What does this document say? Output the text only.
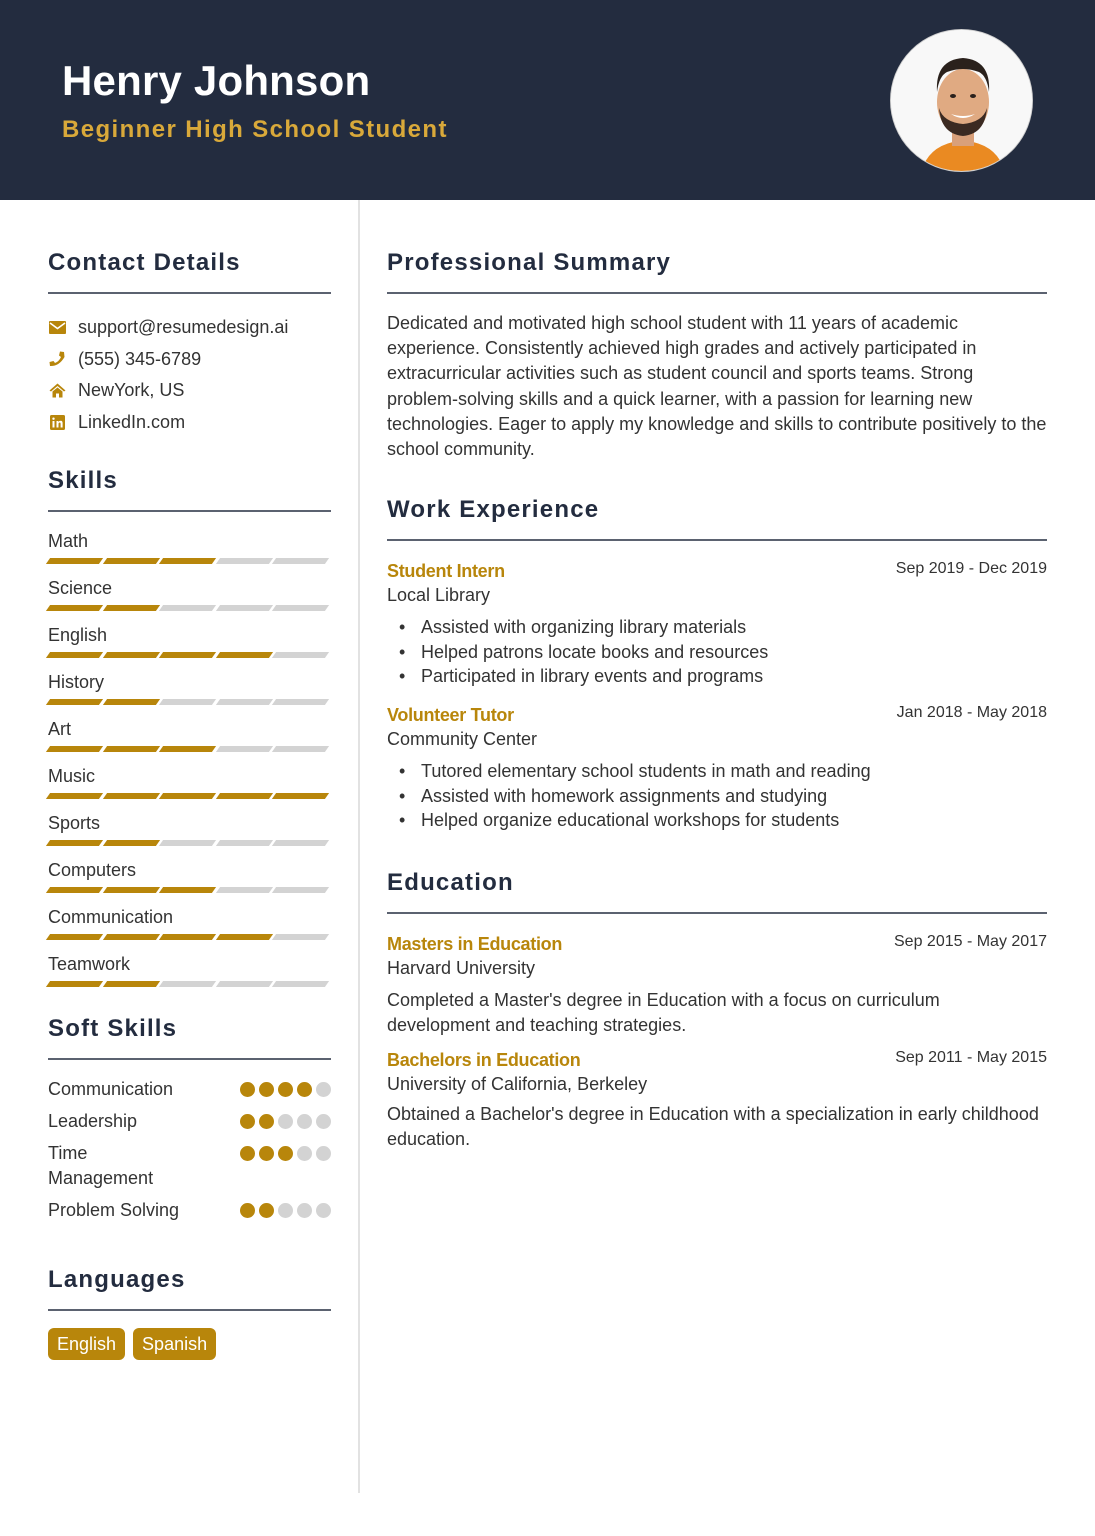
Henry Johnson
Beginner High School Student
Contact Details
support@resumedesign.ai
(555) 345-6789
NewYork, US
LinkedIn.com
Skills
Math
Science
English
History
Art
Music
Sports
Computers
Communication
Teamwork
Soft Skills
Communication
Leadership
Time Management
Problem Solving
Languages
English	Spanish
Professional Summary
Dedicated and motivated high school student with 11 years of academic experience. Consistently achieved high grades and actively participated in extracurricular activities such as student council and sports teams. Strong problem-solving skills and a quick learner, with a passion for learning new technologies. Eager to apply my knowledge and skills to contribute positively to the school community.
Work Experience
Student Intern	Sep 2019 - Dec 2019
Local Library
• Assisted with organizing library materials
• Helped patrons locate books and resources
• Participated in library events and programs
Volunteer Tutor	Jan 2018 - May 2018
Community Center
• Tutored elementary school students in math and reading
• Assisted with homework assignments and studying
• Helped organize educational workshops for students
Education
Masters in Education	Sep 2015 - May 2017
Harvard University
Completed a Master's degree in Education with a focus on curriculum development and teaching strategies.
Bachelors in Education	Sep 2011 - May 2015
University of California, Berkeley
Obtained a Bachelor's degree in Education with a specialization in early childhood education.
